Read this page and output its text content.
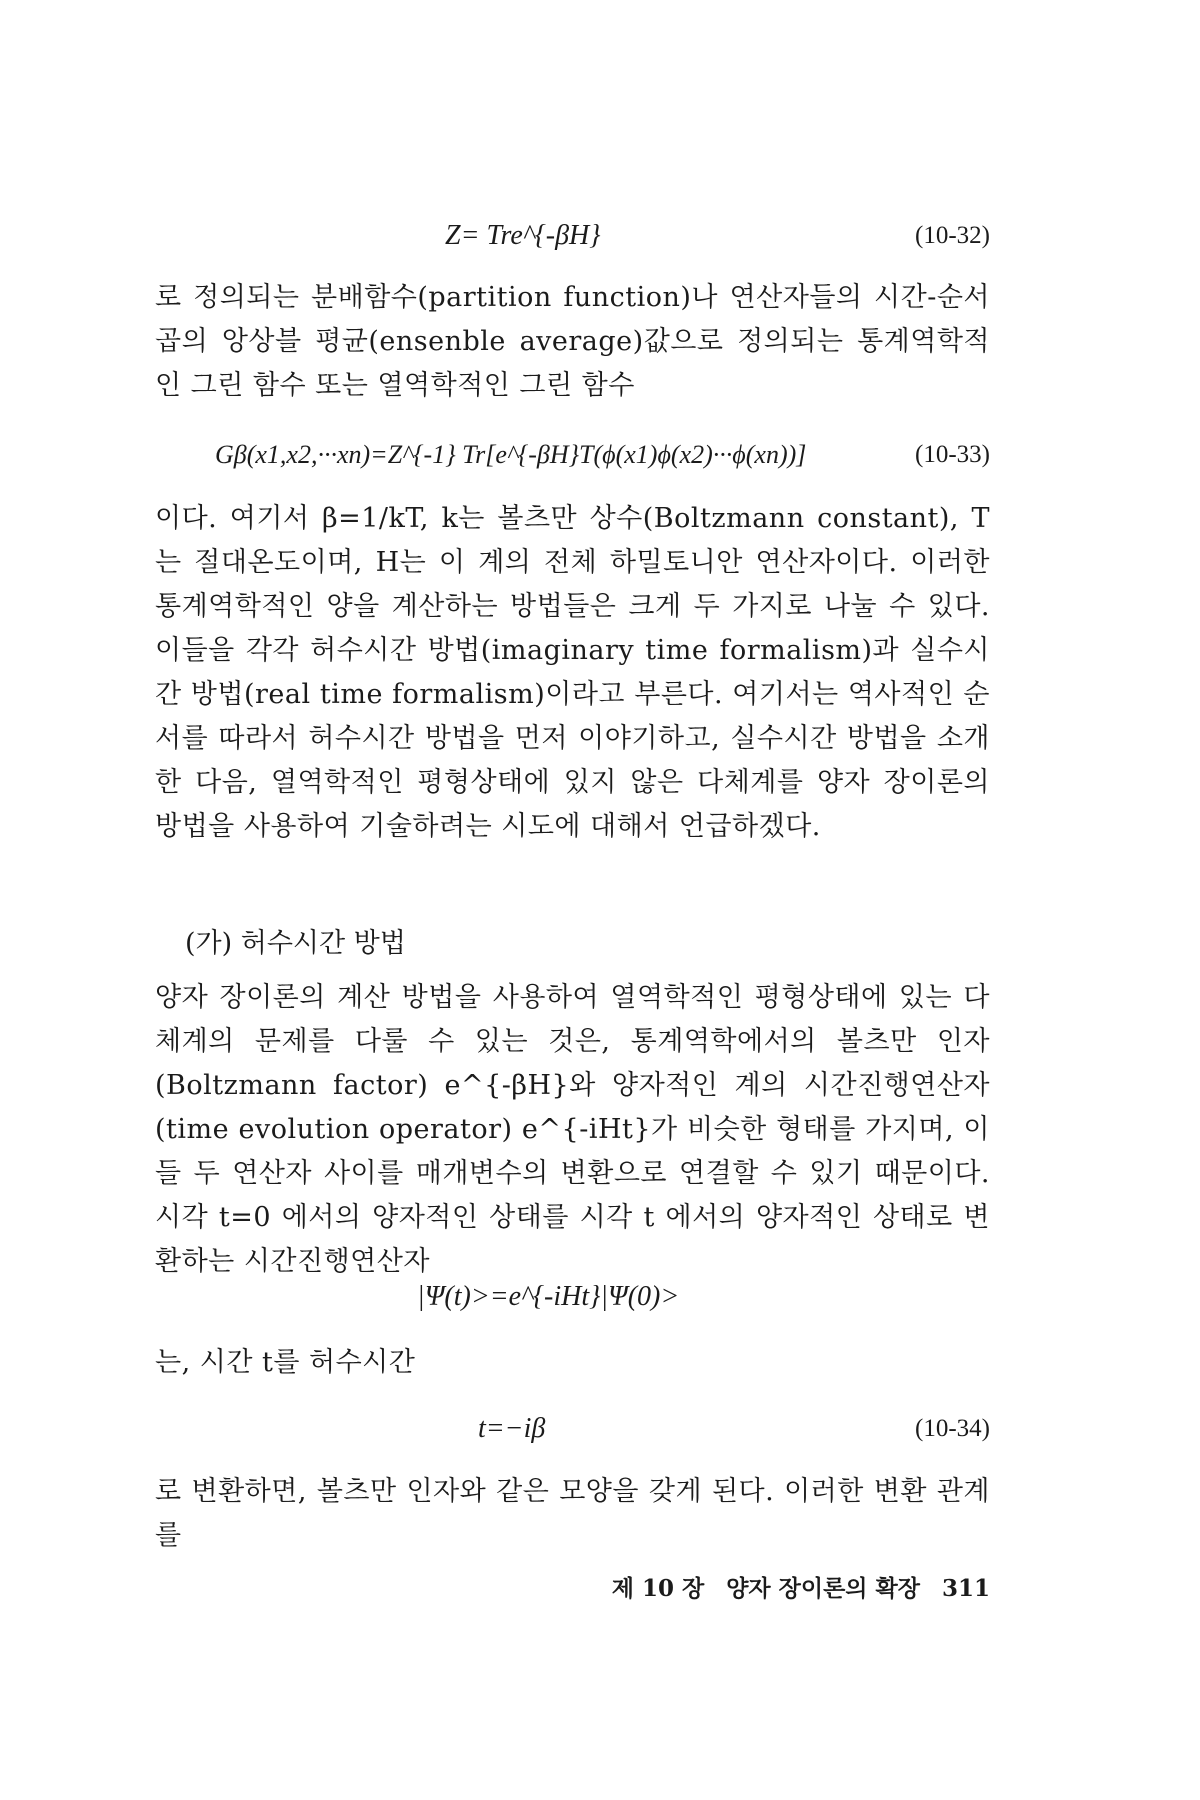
Z= Tre^{-βH}	(10-32)
로 정의되는 분배함수(partition function)나 연산자들의 시간-순서 곱의 앙상블 평균(ensenble average)값으로 정의되는 통계역학적인 그린 함수 또는 열역학적인 그린 함수
Gβ(x1,x2,···xn)=Z^{-1} Tr[e^{-βH}T(ϕ(x1)ϕ(x2)···ϕ(xn))]	(10-33)
이다. 여기서 β=1/kT, k는 볼츠만 상수(Boltzmann constant), T는 절대온도이며, H는 이 계의 전체 하밀토니안 연산자이다. 이러한 통계역학적인 양을 계산하는 방법들은 크게 두 가지로 나눌 수 있다. 이들을 각각 허수시간 방법(imaginary time formalism)과 실수시간 방법(real time formalism)이라고 부른다. 여기서는 역사적인 순서를 따라서 허수시간 방법을 먼저 이야기하고, 실수시간 방법을 소개한 다음, 열역학적인 평형상태에 있지 않은 다체계를 양자 장이론의 방법을 사용하여 기술하려는 시도에 대해서 언급하겠다.
(가) 허수시간 방법
양자 장이론의 계산 방법을 사용하여 열역학적인 평형상태에 있는 다체계의 문제를 다룰 수 있는 것은, 통계역학에서의 볼츠만 인자(Boltzmann factor) e^{-βH}와 양자적인 계의 시간진행연산자(time evolution operator) e^{-iHt}가 비슷한 형태를 가지며, 이들 두 연산자 사이를 매개변수의 변환으로 연결할 수 있기 때문이다. 시각 t=0 에서의 양자적인 상태를 시각 t 에서의 양자적인 상태로 변환하는 시간진행연산자
|Ψ(t)>=e^{-iHt}|Ψ(0)>
는, 시간 t를 허수시간
t=−iβ	(10-34)
로 변환하면, 볼츠만 인자와 같은 모양을 갖게 된다. 이러한 변환 관계를
제 10 장 양자 장이론의 확장 311
